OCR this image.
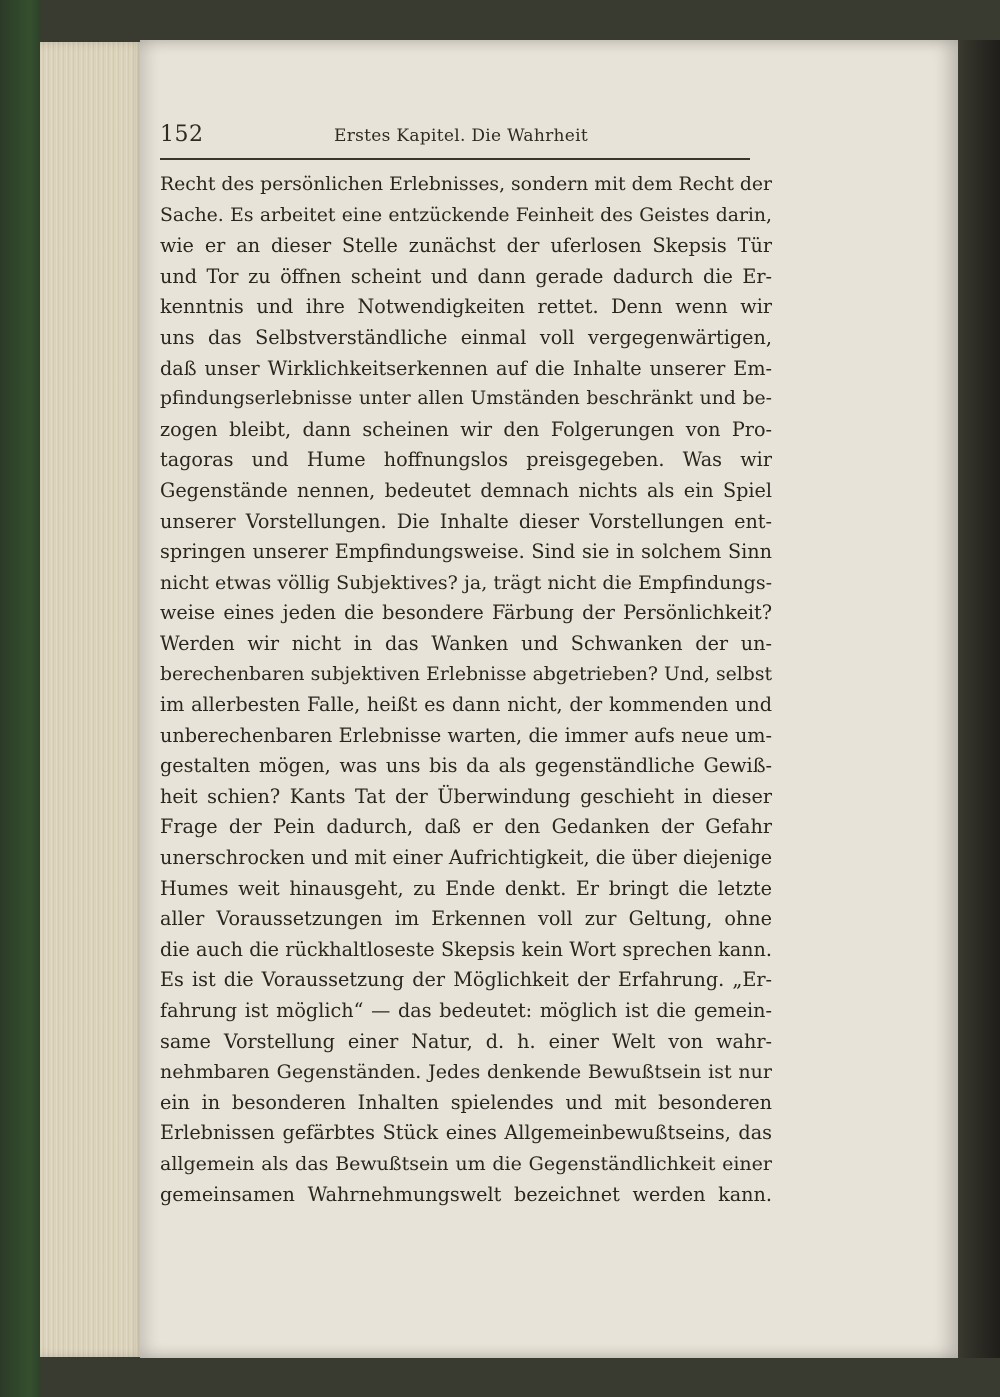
152	Erstes Kapitel. Die Wahrheit
Recht des persönlichen Erlebnisses, sondern mit dem Recht der
Sache. Es arbeitet eine entzückende Feinheit des Geistes darin,
wie er an dieser Stelle zunächst der uferlosen Skepsis Tür
und Tor zu öffnen scheint und dann gerade dadurch die Er-
kenntnis und ihre Notwendigkeiten rettet. Denn wenn wir
uns das Selbstverständliche einmal voll vergegenwärtigen,
daß unser Wirklichkeitserkennen auf die Inhalte unserer Em-
pfindungserlebnisse unter allen Umständen beschränkt und be-
zogen bleibt, dann scheinen wir den Folgerungen von Pro-
tagoras und Hume hoffnungslos preisgegeben. Was wir
Gegenstände nennen, bedeutet demnach nichts als ein Spiel
unserer Vorstellungen. Die Inhalte dieser Vorstellungen ent-
springen unserer Empfindungsweise. Sind sie in solchem Sinn
nicht etwas völlig Subjektives? ja, trägt nicht die Empfindungs-
weise eines jeden die besondere Färbung der Persönlichkeit?
Werden wir nicht in das Wanken und Schwanken der un-
berechenbaren subjektiven Erlebnisse abgetrieben? Und, selbst
im allerbesten Falle, heißt es dann nicht, der kommenden und
unberechenbaren Erlebnisse warten, die immer aufs neue um-
gestalten mögen, was uns bis da als gegenständliche Gewiß-
heit schien? Kants Tat der Überwindung geschieht in dieser
Frage der Pein dadurch, daß er den Gedanken der Gefahr
unerschrocken und mit einer Aufrichtigkeit, die über diejenige
Humes weit hinausgeht, zu Ende denkt. Er bringt die letzte
aller Voraussetzungen im Erkennen voll zur Geltung, ohne
die auch die rückhaltloseste Skepsis kein Wort sprechen kann.
Es ist die Voraussetzung der Möglichkeit der Erfahrung. „Er-
fahrung ist möglich“ — das bedeutet: möglich ist die gemein-
same Vorstellung einer Natur, d. h. einer Welt von wahr-
nehmbaren Gegenständen. Jedes denkende Bewußtsein ist nur
ein in besonderen Inhalten spielendes und mit besonderen
Erlebnissen gefärbtes Stück eines Allgemeinbewußtseins, das
allgemein als das Bewußtsein um die Gegenständlichkeit einer
gemeinsamen Wahrnehmungswelt bezeichnet werden kann.
